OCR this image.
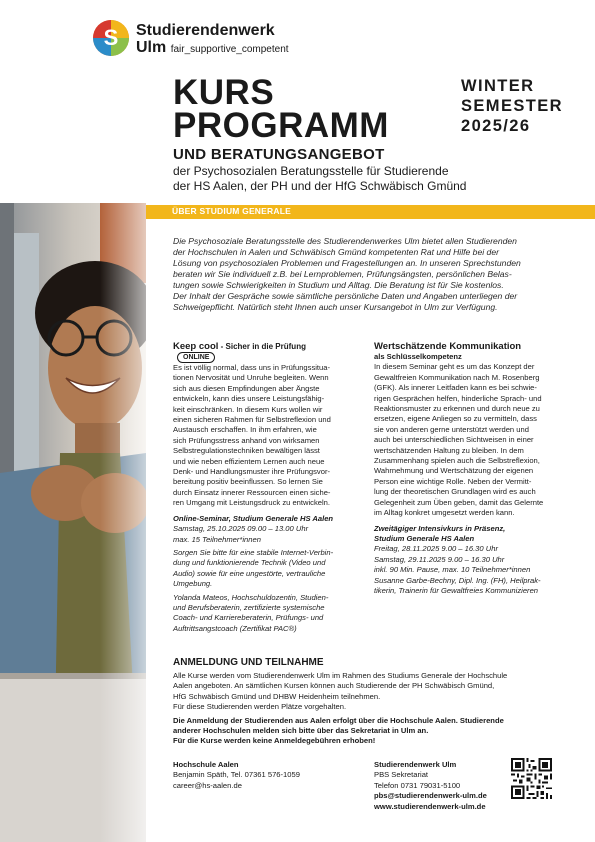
S Studierendenwerk
Ulm fair_supportive_competent
KURS
PROGRAMM
UND BERATUNGSANGEBOT
der Psychosozialen Beratungsstelle für Studierende
der HS Aalen, der PH und der HfG Schwäbisch Gmünd
WINTER
SEMESTER
2025/26
ÜBER STUDIUM GENERALE
Die Psychosoziale Beratungsstelle des Studierendenwerkes Ulm bietet allen Studierenden
der Hochschulen in Aalen und Schwäbisch Gmünd kompetenten Rat und Hilfe bei der
Lösung von psychosozialen Problemen und Fragestellungen an. In unseren Sprechstunden
beraten wir Sie individuell z.B. bei Lernproblemen, Prüfungsängsten, persönlichen Belas-
tungen sowie Schwierigkeiten in Studium und Alltag. Die Beratung ist für Sie kostenlos.
Der Inhalt der Gespräche sowie sämtliche persönliche Daten und Angaben unterliegen der
Schweigepflicht. Natürlich steht Ihnen auch unser Kursangebot in Ulm zur Verfügung.
Keep cool - Sicher in die PrüfungONLINE
Es ist völlig normal, dass uns in Prüfungssitua-
tionen Nervosität und Unruhe begleiten. Wenn
sich aus diesen Empfindungen aber Ängste
entwickeln, kann dies unsere Leistungsfähig-
keit einschränken. In diesem Kurs wollen wir
einen sicheren Rahmen für Selbstreflexion und
Austausch erschaffen. In ihm erfahren, wie
sich Prüfungsstress anhand von wirksamen
Selbstregulationstechniken bewältigen lässt
und wie neben effizientem Lernen auch neue
Denk- und Handlungsmuster ihre Prüfungsvor-
bereitung positiv beeinflussen. So lernen Sie
durch Einsatz innerer Ressourcen einen siche-
ren Umgang mit Leistungsdruck zu entwickeln.
Online-Seminar, Studium Generale HS Aalen
Samstag, 25.10.2025 09.00 – 13.00 Uhr
max. 15 Teilnehmer*innen
Sorgen Sie bitte für eine stabile Internet-Verbin-
dung und funktionierende Technik (Video und
Audio) sowie für eine ungestörte, vertrauliche
Umgebung.
Yolanda Mateos, Hochschuldozentin, Studien-
und Berufsberaterin, zertifizierte systemische
Coach- und Karriereberaterin, Prüfungs- und
Auftrittsangstcoach (Zertifikat PAC®)
Wertschätzende Kommunikation
als Schlüsselkompetenz
In diesem Seminar geht es um das Konzept der
Gewaltfreien Kommunikation nach M. Rosenberg
(GFK). Als innerer Leitfaden kann es bei schwie-
rigen Gesprächen helfen, hinderliche Sprach- und
Reaktionsmuster zu erkennen und durch neue zu
ersetzen, eigene Anliegen so zu vermitteln, dass
sie von anderen gerne unterstützt werden und
auch bei unterschiedlichen Sichtweisen in einer
wertschätzenden Haltung zu bleiben. In dem
Zusammenhang spielen auch die Selbstreflexion,
Wahrnehmung und Wertschätzung der eigenen
Person eine wichtige Rolle. Neben der Vermitt-
lung der theoretischen Grundlagen wird es auch
Gelegenheit zum Üben geben, damit das Gelernte
im Alltag konkret umgesetzt werden kann.
Zweitägiger Intensivkurs in Präsenz,
Studium Generale HS Aalen
Freitag, 28.11.2025 9.00 – 16.30 Uhr
Samstag, 29.11.2025 9.00 – 16.30 Uhr
inkl. 90 Min. Pause, max. 10 Teilnehmer*innen
Susanne Garbe-Bechny, Dipl. Ing. (FH), Heilprak-
tikerin, Trainerin für Gewaltfreies Kommunizieren
ANMELDUNG UND TEILNAHME
Alle Kurse werden vom Studierendenwerk Ulm im Rahmen des Studiums Generale der Hochschule
Aalen angeboten. An sämtlichen Kursen können auch Studierende der PH Schwäbisch Gmünd,
HfG Schwäbisch Gmünd und DHBW Heidenheim teilnehmen.
Für diese Studierenden werden Plätze vorgehalten.
Die Anmeldung der Studierenden aus Aalen erfolgt über die Hochschule Aalen. Studierende
anderer Hochschulen melden sich bitte über das Sekretariat in Ulm an.
Für die Kurse werden keine Anmeldegebühren erhoben!
Hochschule Aalen
Benjamin Späth, Tel. 07361 576-1059
career@hs-aalen.de
Studierendenwerk Ulm
PBS Sekretariat
Telefon 0731 79031-5100
pbs@studierendenwerk-ulm.de
www.studierendenwerk-ulm.de
